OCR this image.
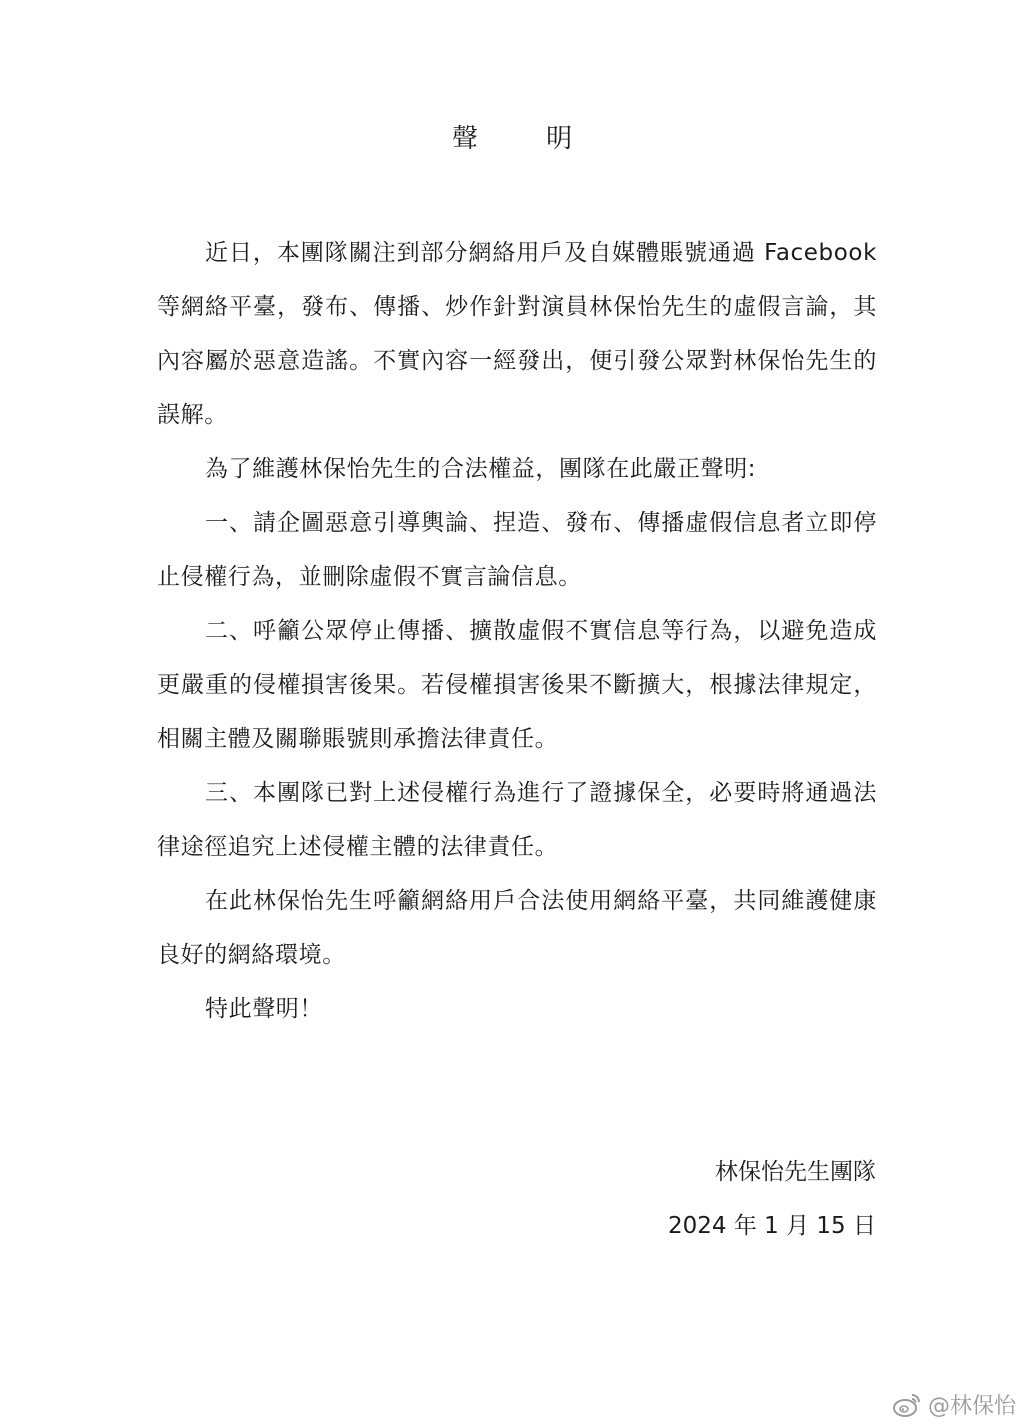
聲 明

近日，本團隊關注到部分網絡用戶及自媒體賬號通過 Facebook 等網絡平臺，發布、傳播、炒作針對演員林保怡先生的虛假言論，其內容屬於惡意造謠。不實內容一經發出，便引發公眾對林保怡先生的誤解。

為了維護林保怡先生的合法權益，團隊在此嚴正聲明:

一、請企圖惡意引導輿論、捏造、發布、傳播虛假信息者立即停止侵權行為，並刪除虛假不實言論信息。

二、呼籲公眾停止傳播、擴散虛假不實信息等行為，以避免造成更嚴重的侵權損害後果。若侵權損害後果不斷擴大，根據法律規定，相關主體及關聯賬號則承擔法律責任。

三、本團隊已對上述侵權行為進行了證據保全，必要時將通過法律途徑追究上述侵權主體的法律責任。

在此林保怡先生呼籲網絡用戶合法使用網絡平臺，共同維護健康良好的網絡環境。

特此聲明！

林保怡先生團隊
2024 年 1 月 15 日
@林保怡
